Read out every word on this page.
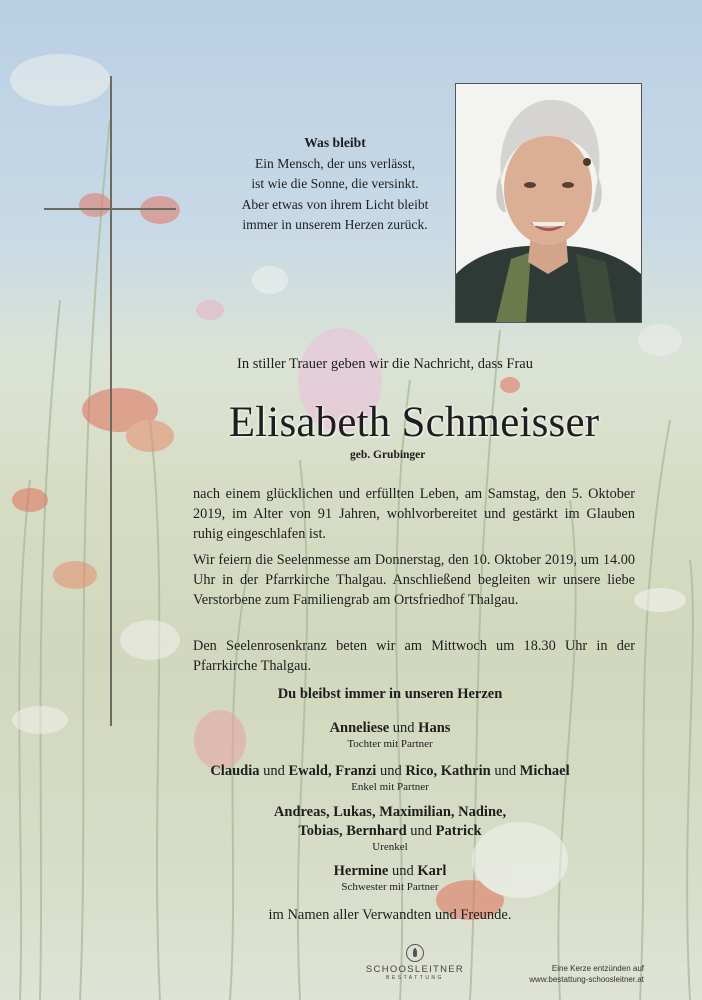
Was bleibt
Ein Mensch, der uns verlässt,
ist wie die Sonne, die versinkt.
Aber etwas von ihrem Licht bleibt
immer in unserem Herzen zurück.
In stiller Trauer geben wir die Nachricht, dass Frau
Elisabeth Schmeisser
geb. Grubinger
nach einem glücklichen und erfüllten Leben, am Samstag, den 5. Oktober 2019, im Alter von 91 Jahren, wohlvorbereitet und gestärkt im Glauben ruhig eingeschlafen ist.
Wir feiern die Seelenmesse am Donnerstag, den 10. Oktober 2019, um 14.00 Uhr in der Pfarrkirche Thalgau. Anschließend begleiten wir unsere liebe Verstorbene zum Familiengrab am Ortsfriedhof Thalgau.
Den Seelenrosenkranz beten wir am Mittwoch um 18.30 Uhr in der Pfarrkirche Thalgau.
Du bleibst immer in unseren Herzen
Anneliese und Hans
Tochter mit Partner
Claudia und Ewald, Franzi und Rico, Kathrin und Michael
Enkel mit Partner
Andreas, Lukas, Maximilian, Nadine,
Tobias, Bernhard und Patrick
Urenkel
Hermine und Karl
Schwester mit Partner
im Namen aller Verwandten und Freunde.
SCHOOSLEITNER
BESTATTUNG
Eine Kerze entzünden auf
www.bestattung-schoosleitner.at
